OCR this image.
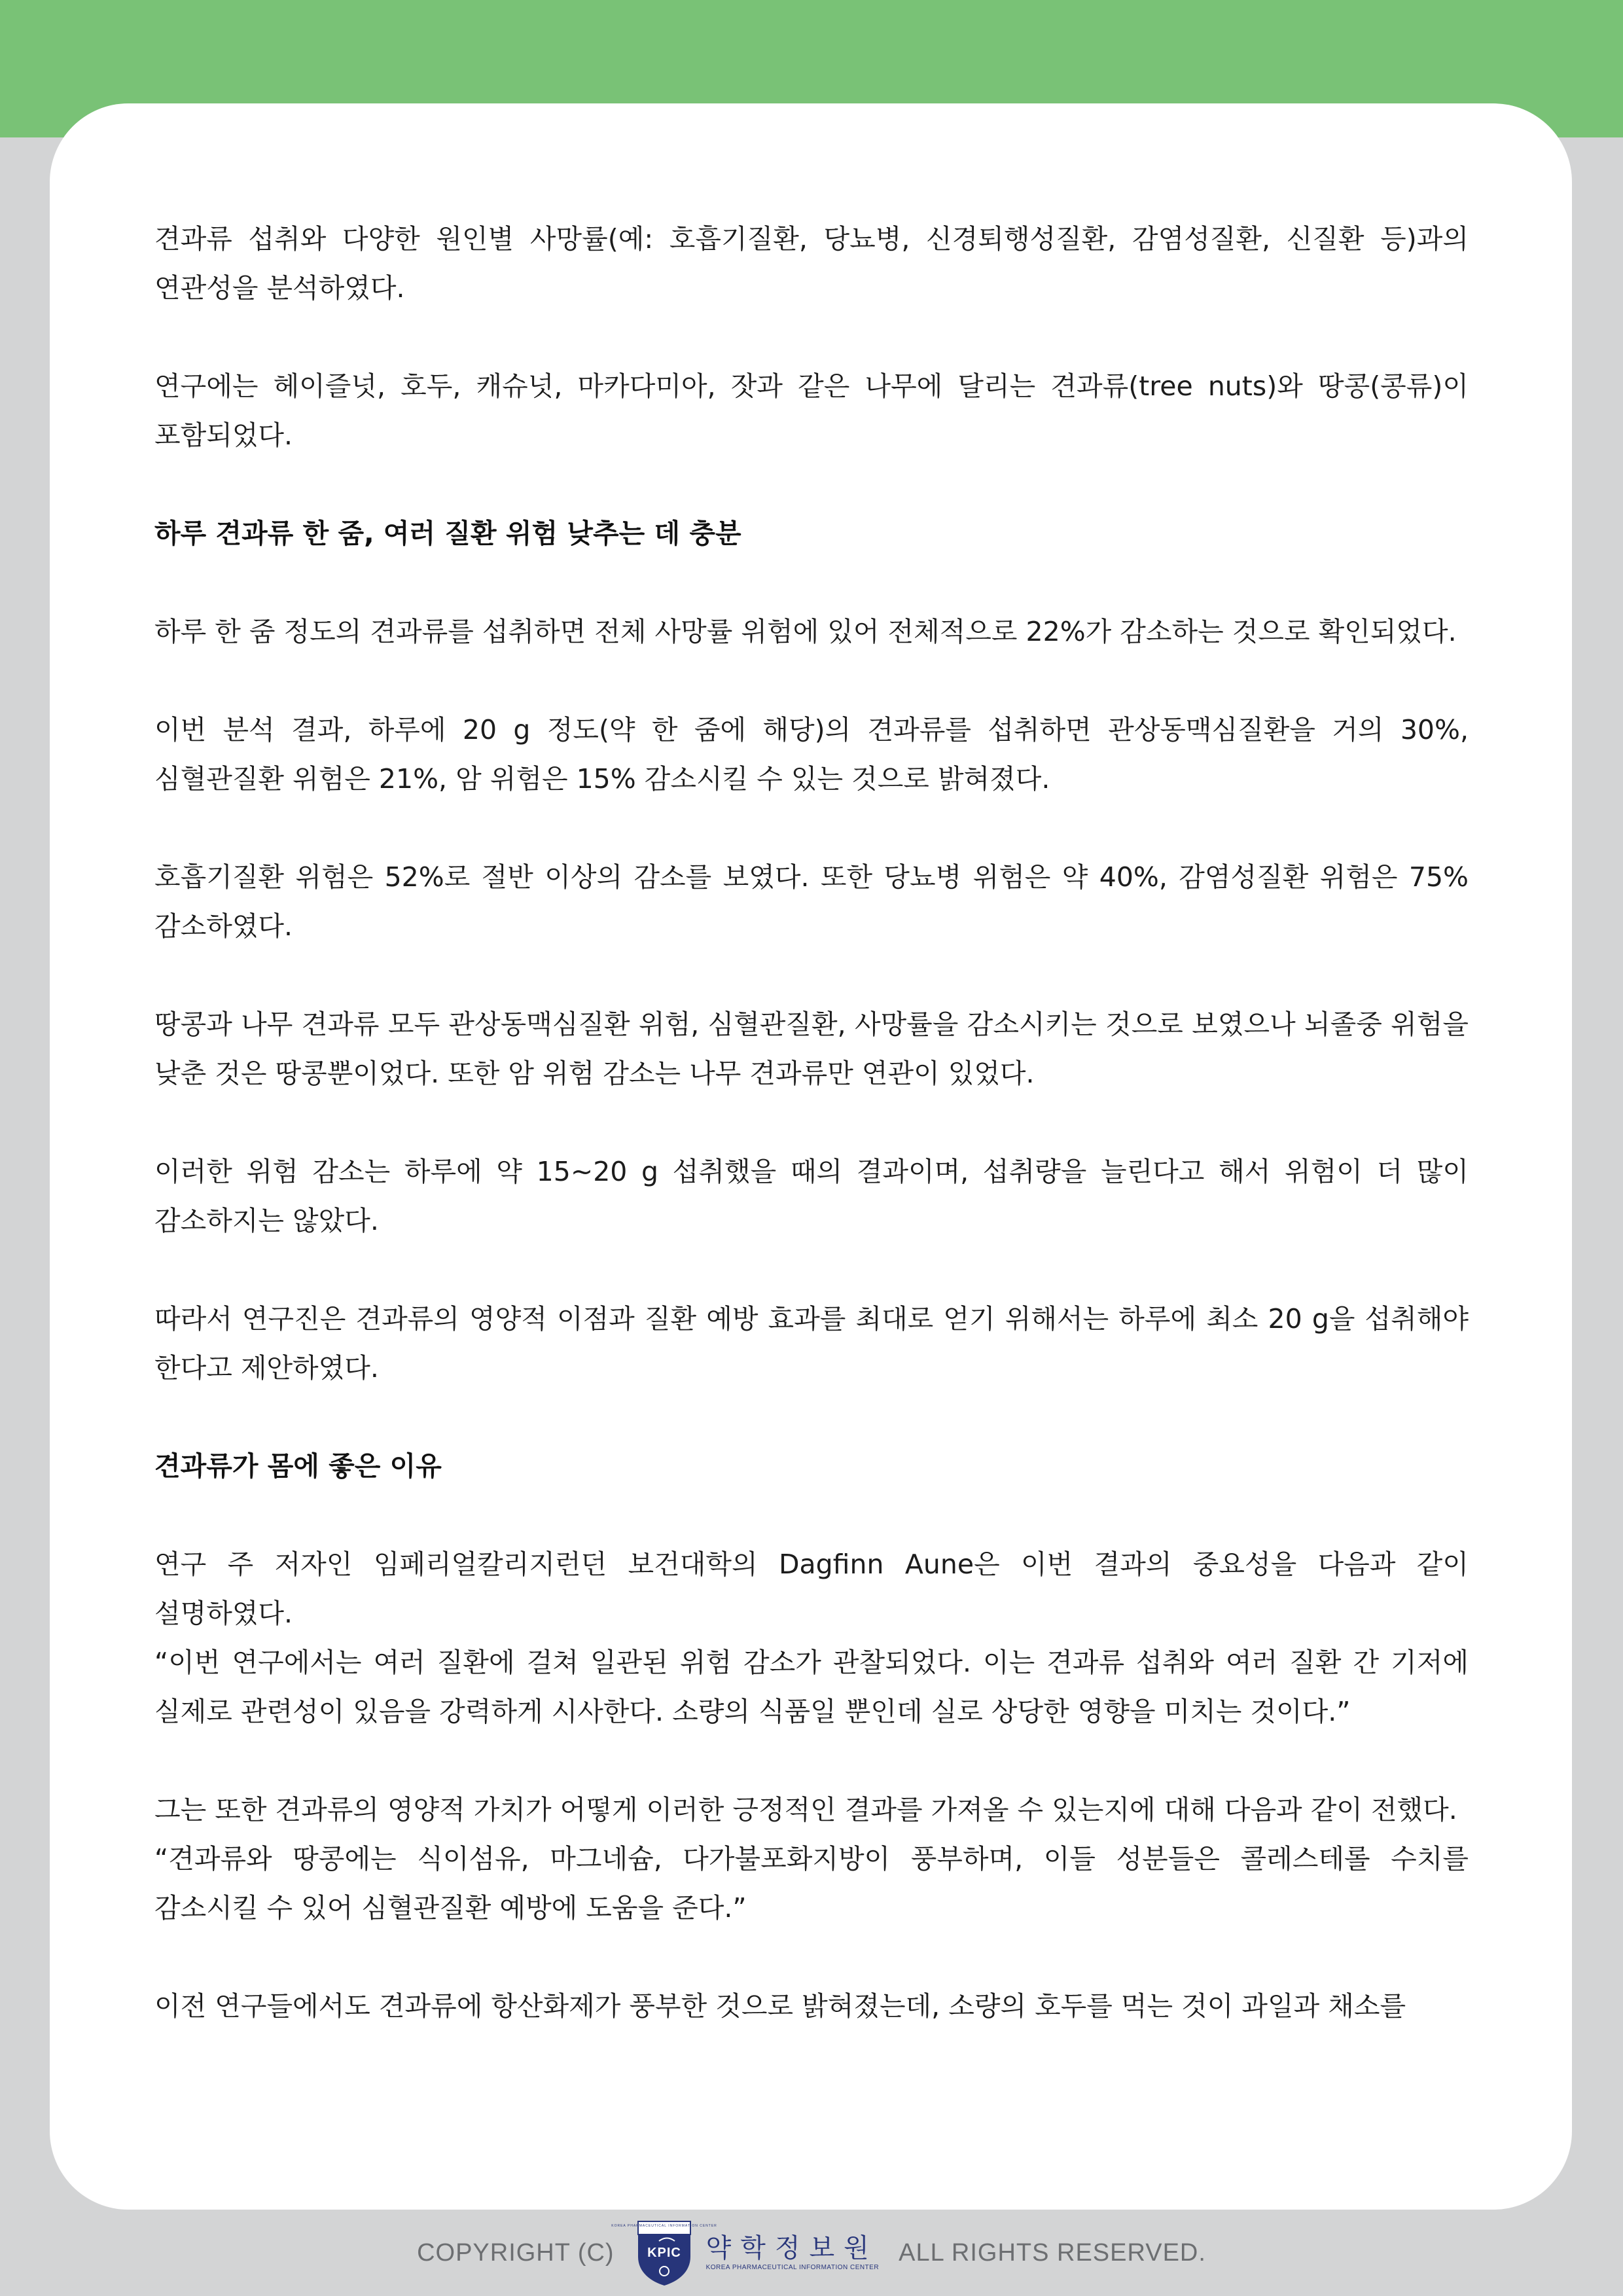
견과류 섭취와 다양한 원인별 사망률(예: 호흡기질환, 당뇨병, 신경퇴행성질환, 감염성질환, 신질환 등)과의 연관성을 분석하였다.

연구에는 헤이즐넛, 호두, 캐슈넛, 마카다미아, 잣과 같은 나무에 달리는 견과류(tree nuts)와 땅콩(콩류)이 포함되었다.

하루 견과류 한 줌, 여러 질환 위험 낮추는 데 충분

하루 한 줌 정도의 견과류를 섭취하면 전체 사망률 위험에 있어 전체적으로 22%가 감소하는 것으로 확인되었다.

이번 분석 결과, 하루에 20 g 정도(약 한 줌에 해당)의 견과류를 섭취하면 관상동맥심질환을 거의 30%, 심혈관질환 위험은 21%, 암 위험은 15% 감소시킬 수 있는 것으로 밝혀졌다.

호흡기질환 위험은 52%로 절반 이상의 감소를 보였다. 또한 당뇨병 위험은 약 40%, 감염성질환 위험은 75% 감소하였다.

땅콩과 나무 견과류 모두 관상동맥심질환 위험, 심혈관질환, 사망률을 감소시키는 것으로 보였으나 뇌졸중 위험을 낮춘 것은 땅콩뿐이었다. 또한 암 위험 감소는 나무 견과류만 연관이 있었다.

이러한 위험 감소는 하루에 약 15~20 g 섭취했을 때의 결과이며, 섭취량을 늘린다고 해서 위험이 더 많이 감소하지는 않았다.

따라서 연구진은 견과류의 영양적 이점과 질환 예방 효과를 최대로 얻기 위해서는 하루에 최소 20 g을 섭취해야 한다고 제안하였다.

견과류가 몸에 좋은 이유

연구 주 저자인 임페리얼칼리지런던 보건대학의 Dagfinn Aune은 이번 결과의 중요성을 다음과 같이 설명하였다.

“이번 연구에서는 여러 질환에 걸쳐 일관된 위험 감소가 관찰되었다. 이는 견과류 섭취와 여러 질환 간 기저에 실제로 관련성이 있음을 강력하게 시사한다. 소량의 식품일 뿐인데 실로 상당한 영향을 미치는 것이다.”

그는 또한 견과류의 영양적 가치가 어떻게 이러한 긍정적인 결과를 가져올 수 있는지에 대해 다음과 같이 전했다.

“견과류와 땅콩에는 식이섬유, 마그네슘, 다가불포화지방이 풍부하며, 이들 성분들은 콜레스테롤 수치를 감소시킬 수 있어 심혈관질환 예방에 도움을 준다.”

이전 연구들에서도 견과류에 항산화제가 풍부한 것으로 밝혀졌는데, 소량의 호두를 먹는 것이 과일과 채소를

COPYRIGHT (C)
KOREA PHARMACEUTICAL INFORMATION CENTER
KPIC 약학정보원
KOREA PHARMACEUTICAL INFORMATION CENTER
ALL RIGHTS RESERVED.
